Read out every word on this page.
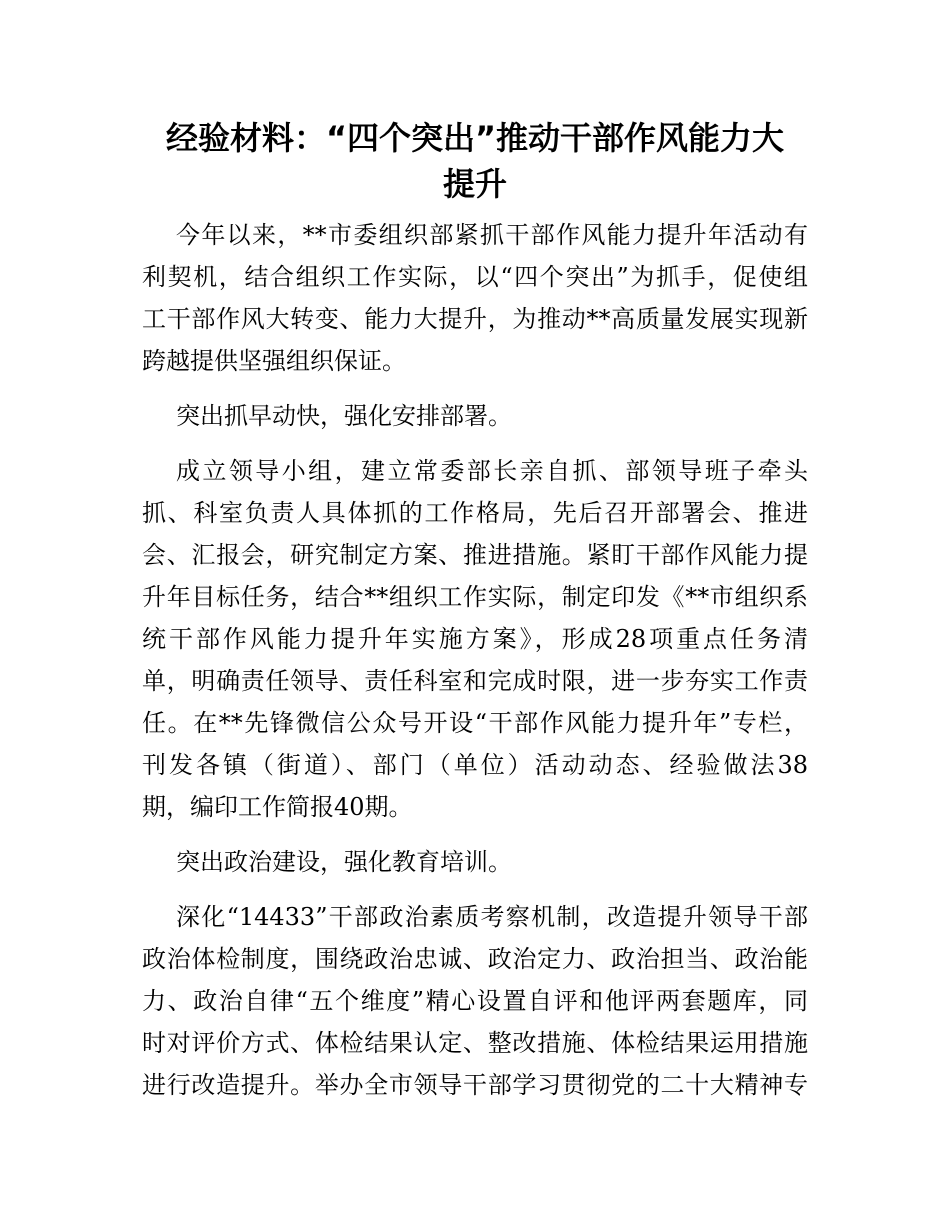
经验材料：“四个突出”推动干部作风能力大
提升

今年以来，**市委组织部紧抓干部作风能力提升年活动有

利契机，结合组织工作实际，以“四个突出”为抓手，促使组

工干部作风大转变、能力大提升，为推动**高质量发展实现新

跨越提供坚强组织保证。

突出抓早动快，强化安排部署。

成立领导小组，建立常委部长亲自抓、部领导班子牵头

抓、科室负责人具体抓的工作格局，先后召开部署会、推进

会、汇报会，研究制定方案、推进措施。紧盯干部作风能力提

升年目标任务，结合**组织工作实际，制定印发《**市组织系

统干部作风能力提升年实施方案》，形成28项重点任务清

单，明确责任领导、责任科室和完成时限，进一步夯实工作责

任。在**先锋微信公众号开设“干部作风能力提升年”专栏，

刊发各镇（街道）、部门（单位）活动动态、经验做法38

期，编印工作简报40期。

突出政治建设，强化教育培训。

深化“14433”干部政治素质考察机制，改造提升领导干部

政治体检制度，围绕政治忠诚、政治定力、政治担当、政治能

力、政治自律“五个维度”精心设置自评和他评两套题库，同

时对评价方式、体检结果认定、整改措施、体检结果运用措施

进行改造提升。举办全市领导干部学习贯彻党的二十大精神专
